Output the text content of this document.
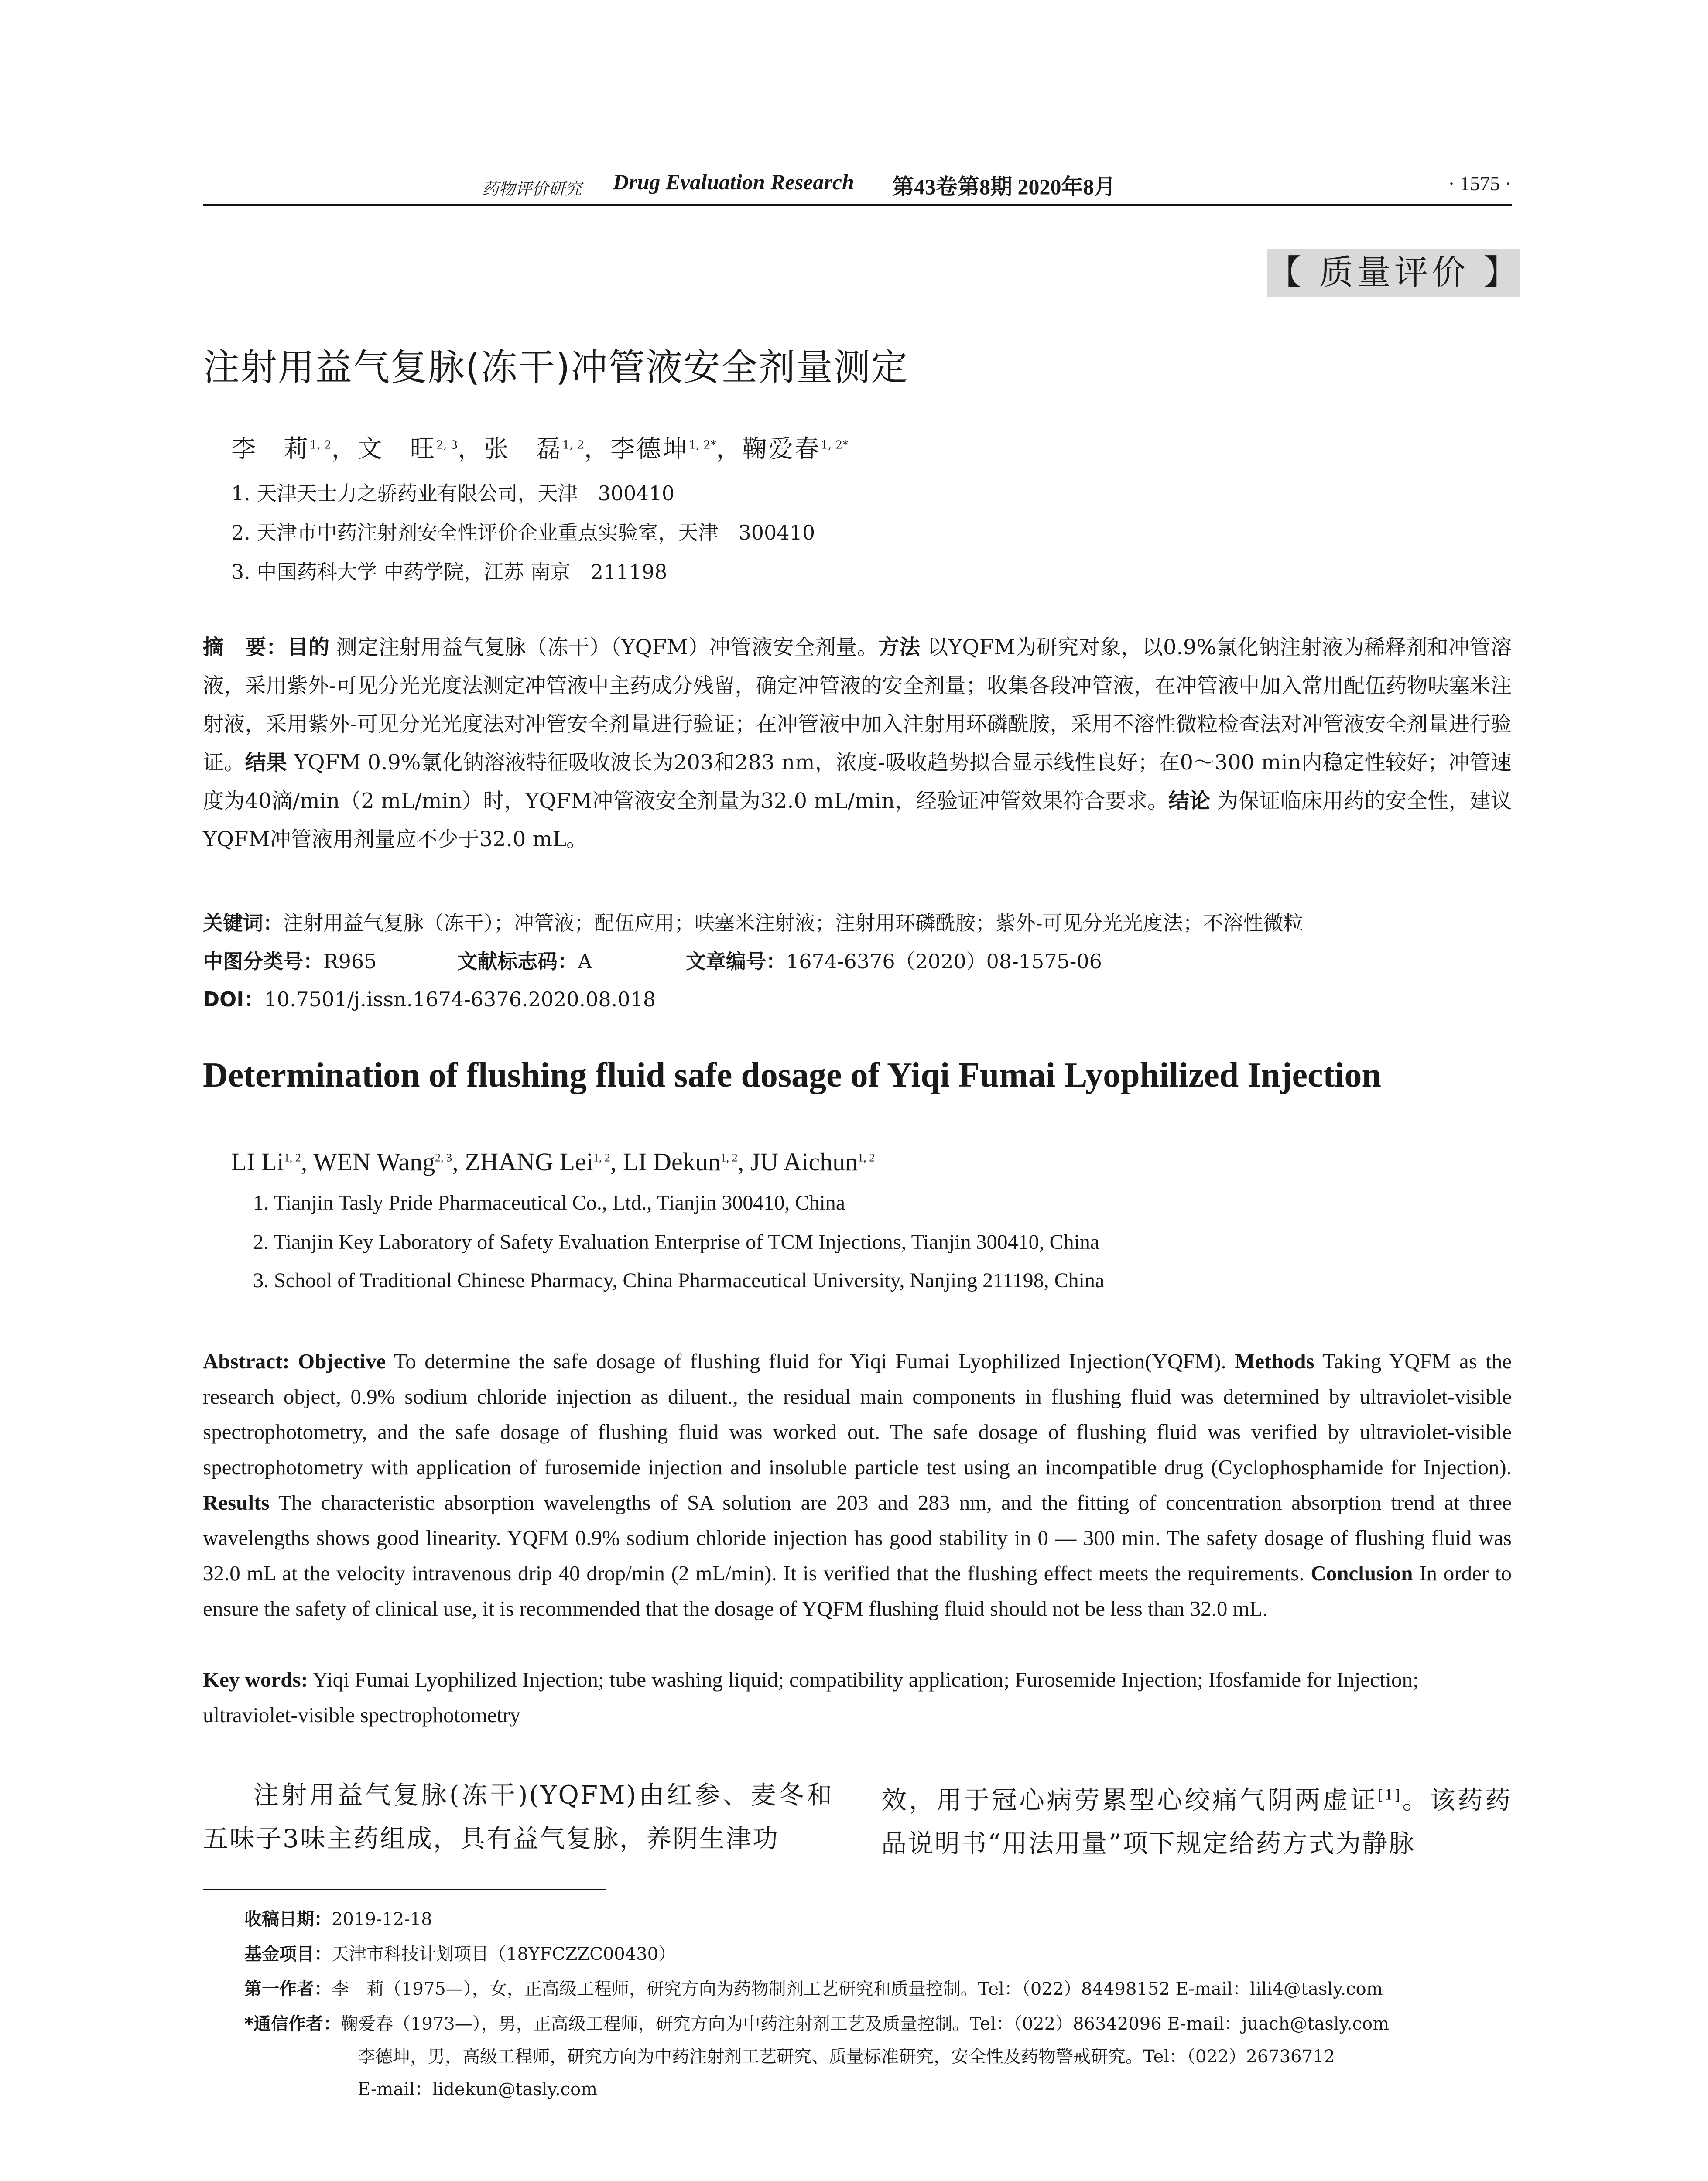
药物评价研究 Drug Evaluation Research 第43卷第8期 2020年8月	· 1575 ·
【 质量评价 】
注射用益气复脉(冻干)冲管液安全剂量测定
李　莉$^{1, 2}$，文　旺$^{2, 3}$，张　磊$^{1, 2}$，李德坤$^{1, 2*}$，鞠爱春$^{1, 2*}$
1. 天津天士力之骄药业有限公司，天津　300410
2. 天津市中药注射剂安全性评价企业重点实验室，天津　300410
3. 中国药科大学 中药学院，江苏 南京　211198
摘　要：目的 测定注射用益气复脉（冻干）（YQFM）冲管液安全剂量。方法 以YQFM为研究对象，以0.9%氯化钠注射液为稀释剂和冲管溶液，采用紫外-可见分光光度法测定冲管液中主药成分残留，确定冲管液的安全剂量；收集各段冲管液，在冲管液中加入常用配伍药物呋塞米注射液，采用紫外-可见分光光度法对冲管安全剂量进行验证；在冲管液中加入注射用环磷酰胺，采用不溶性微粒检查法对冲管液安全剂量进行验证。结果 YQFM 0.9%氯化钠溶液特征吸收波长为203和283 nm，浓度-吸收趋势拟合显示线性良好；在0～300 min内稳定性较好；冲管速度为40滴/min（2 mL/min）时，YQFM冲管液安全剂量为32.0 mL/min，经验证冲管效果符合要求。结论 为保证临床用药的安全性，建议YQFM冲管液用剂量应不少于32.0 mL。
关键词：注射用益气复脉（冻干）；冲管液；配伍应用；呋塞米注射液；注射用环磷酰胺；紫外-可见分光光度法；不溶性微粒
中图分类号：R965	文献标志码：A	文章编号：1674-6376（2020）08-1575-06
DOI：10.7501/j.issn.1674-6376.2020.08.018
Determination of flushing fluid safe dosage of Yiqi Fumai Lyophilized Injection
LI Li$^{1, 2}$, WEN Wang$^{2, 3}$, ZHANG Lei$^{1, 2}$, LI Dekun$^{1, 2}$, JU Aichun$^{1, 2}$
1. Tianjin Tasly Pride Pharmaceutical Co., Ltd., Tianjin 300410, China
2. Tianjin Key Laboratory of Safety Evaluation Enterprise of TCM Injections, Tianjin 300410, China
3. School of Traditional Chinese Pharmacy, China Pharmaceutical University, Nanjing 211198, China
Abstract: Objective To determine the safe dosage of flushing fluid for Yiqi Fumai Lyophilized Injection(YQFM). Methods Taking YQFM as the research object, 0.9% sodium chloride injection as diluent., the residual main components in flushing fluid was determined by ultraviolet-visible spectrophotometry, and the safe dosage of flushing fluid was worked out. The safe dosage of flushing fluid was verified by ultraviolet-visible spectrophotometry with application of furosemide injection and insoluble particle test using an incompatible drug (Cyclophosphamide for Injection). Results The characteristic absorption wavelengths of SA solution are 203 and 283 nm, and the fitting of concentration absorption trend at three wavelengths shows good linearity. YQFM 0.9% sodium chloride injection has good stability in 0 — 300 min. The safety dosage of flushing fluid was 32.0 mL at the velocity intravenous drip 40 drop/min (2 mL/min). It is verified that the flushing effect meets the requirements. Conclusion In order to ensure the safety of clinical use, it is recommended that the dosage of YQFM flushing fluid should not be less than 32.0 mL.
Key words: Yiqi Fumai Lyophilized Injection; tube washing liquid; compatibility application; Furosemide Injection; Ifosfamide for Injection; ultraviolet-visible spectrophotometry
注射用益气复脉(冻干)(YQFM)由红参、麦冬和五味子3味主药组成，具有益气复脉，养阴生津功
效，用于冠心病劳累型心绞痛气阴两虚证[1]。该药药品说明书“用法用量”项下规定给药方式为静脉
收稿日期：2019-12-18
基金项目：天津市科技计划项目（18YFCZZC00430）
第一作者：李　莉（1975—），女，正高级工程师，研究方向为药物制剂工艺研究和质量控制。Tel：（022）84498152 E-mail：lili4@tasly.com
*通信作者：鞠爱春（1973—），男，正高级工程师，研究方向为中药注射剂工艺及质量控制。Tel：（022）86342096 E-mail：juach@tasly.com
李德坤，男，高级工程师，研究方向为中药注射剂工艺研究、质量标准研究，安全性及药物警戒研究。Tel：（022）26736712
E-mail：lidekun@tasly.com
